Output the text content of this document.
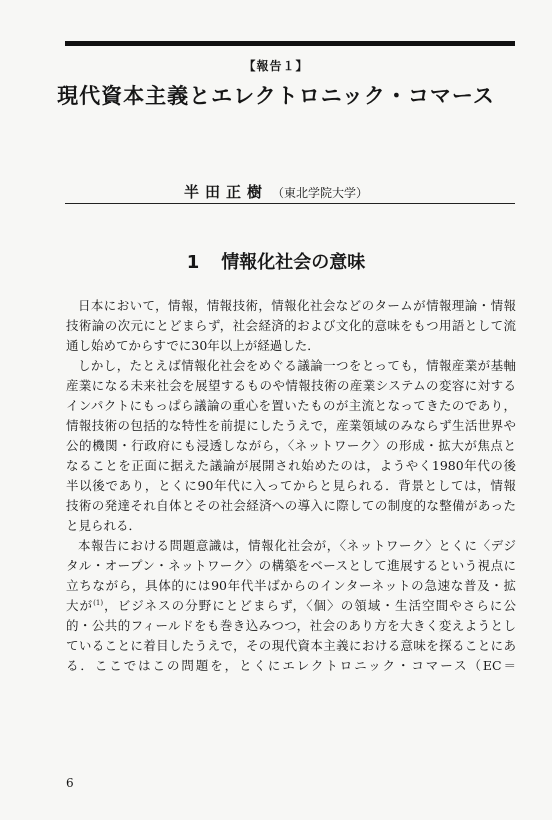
【報告１】
現代資本主義とエレクトロニック・コマース
半田正樹 （東北学院大学）
1 情報化社会の意味
日本において，情報，情報技術，情報化社会などのタームが情報理論・情報
技術論の次元にとどまらず，社会経済的および文化的意味をもつ用語として流
通し始めてからすでに30年以上が経過した．
しかし，たとえば情報化社会をめぐる議論一つをとっても，情報産業が基軸
産業になる未来社会を展望するものや情報技術の産業システムの変容に対する
インパクトにもっぱら議論の重心を置いたものが主流となってきたのであり，
情報技術の包括的な特性を前提にしたうえで，産業領域のみならず生活世界や
公的機関・行政府にも浸透しながら，〈ネットワーク〉の形成・拡大が焦点と
なることを正面に据えた議論が展開され始めたのは，ようやく1980年代の後
半以後であり，とくに90年代に入ってからと見られる．背景としては，情報
技術の発達それ自体とその社会経済への導入に際しての制度的な整備があった
と見られる．
本報告における問題意識は，情報化社会が，〈ネットワーク〉とくに〈デジ
タル・オープン・ネットワーク〉の構築をベースとして進展するという視点に
立ちながら，具体的には90年代半ばからのインターネットの急速な普及・拡
大が$^{(1)}$，ビジネスの分野にとどまらず，〈個〉の領域・生活空間やさらに公
的・公共的フィールドをも巻き込みつつ，社会のあり方を大きく変えようとし
ていることに着目したうえで，その現代資本主義における意味を探ることにあ
る．ここではこの問題を，とくにエレクトロニック・コマース（EC＝
6
